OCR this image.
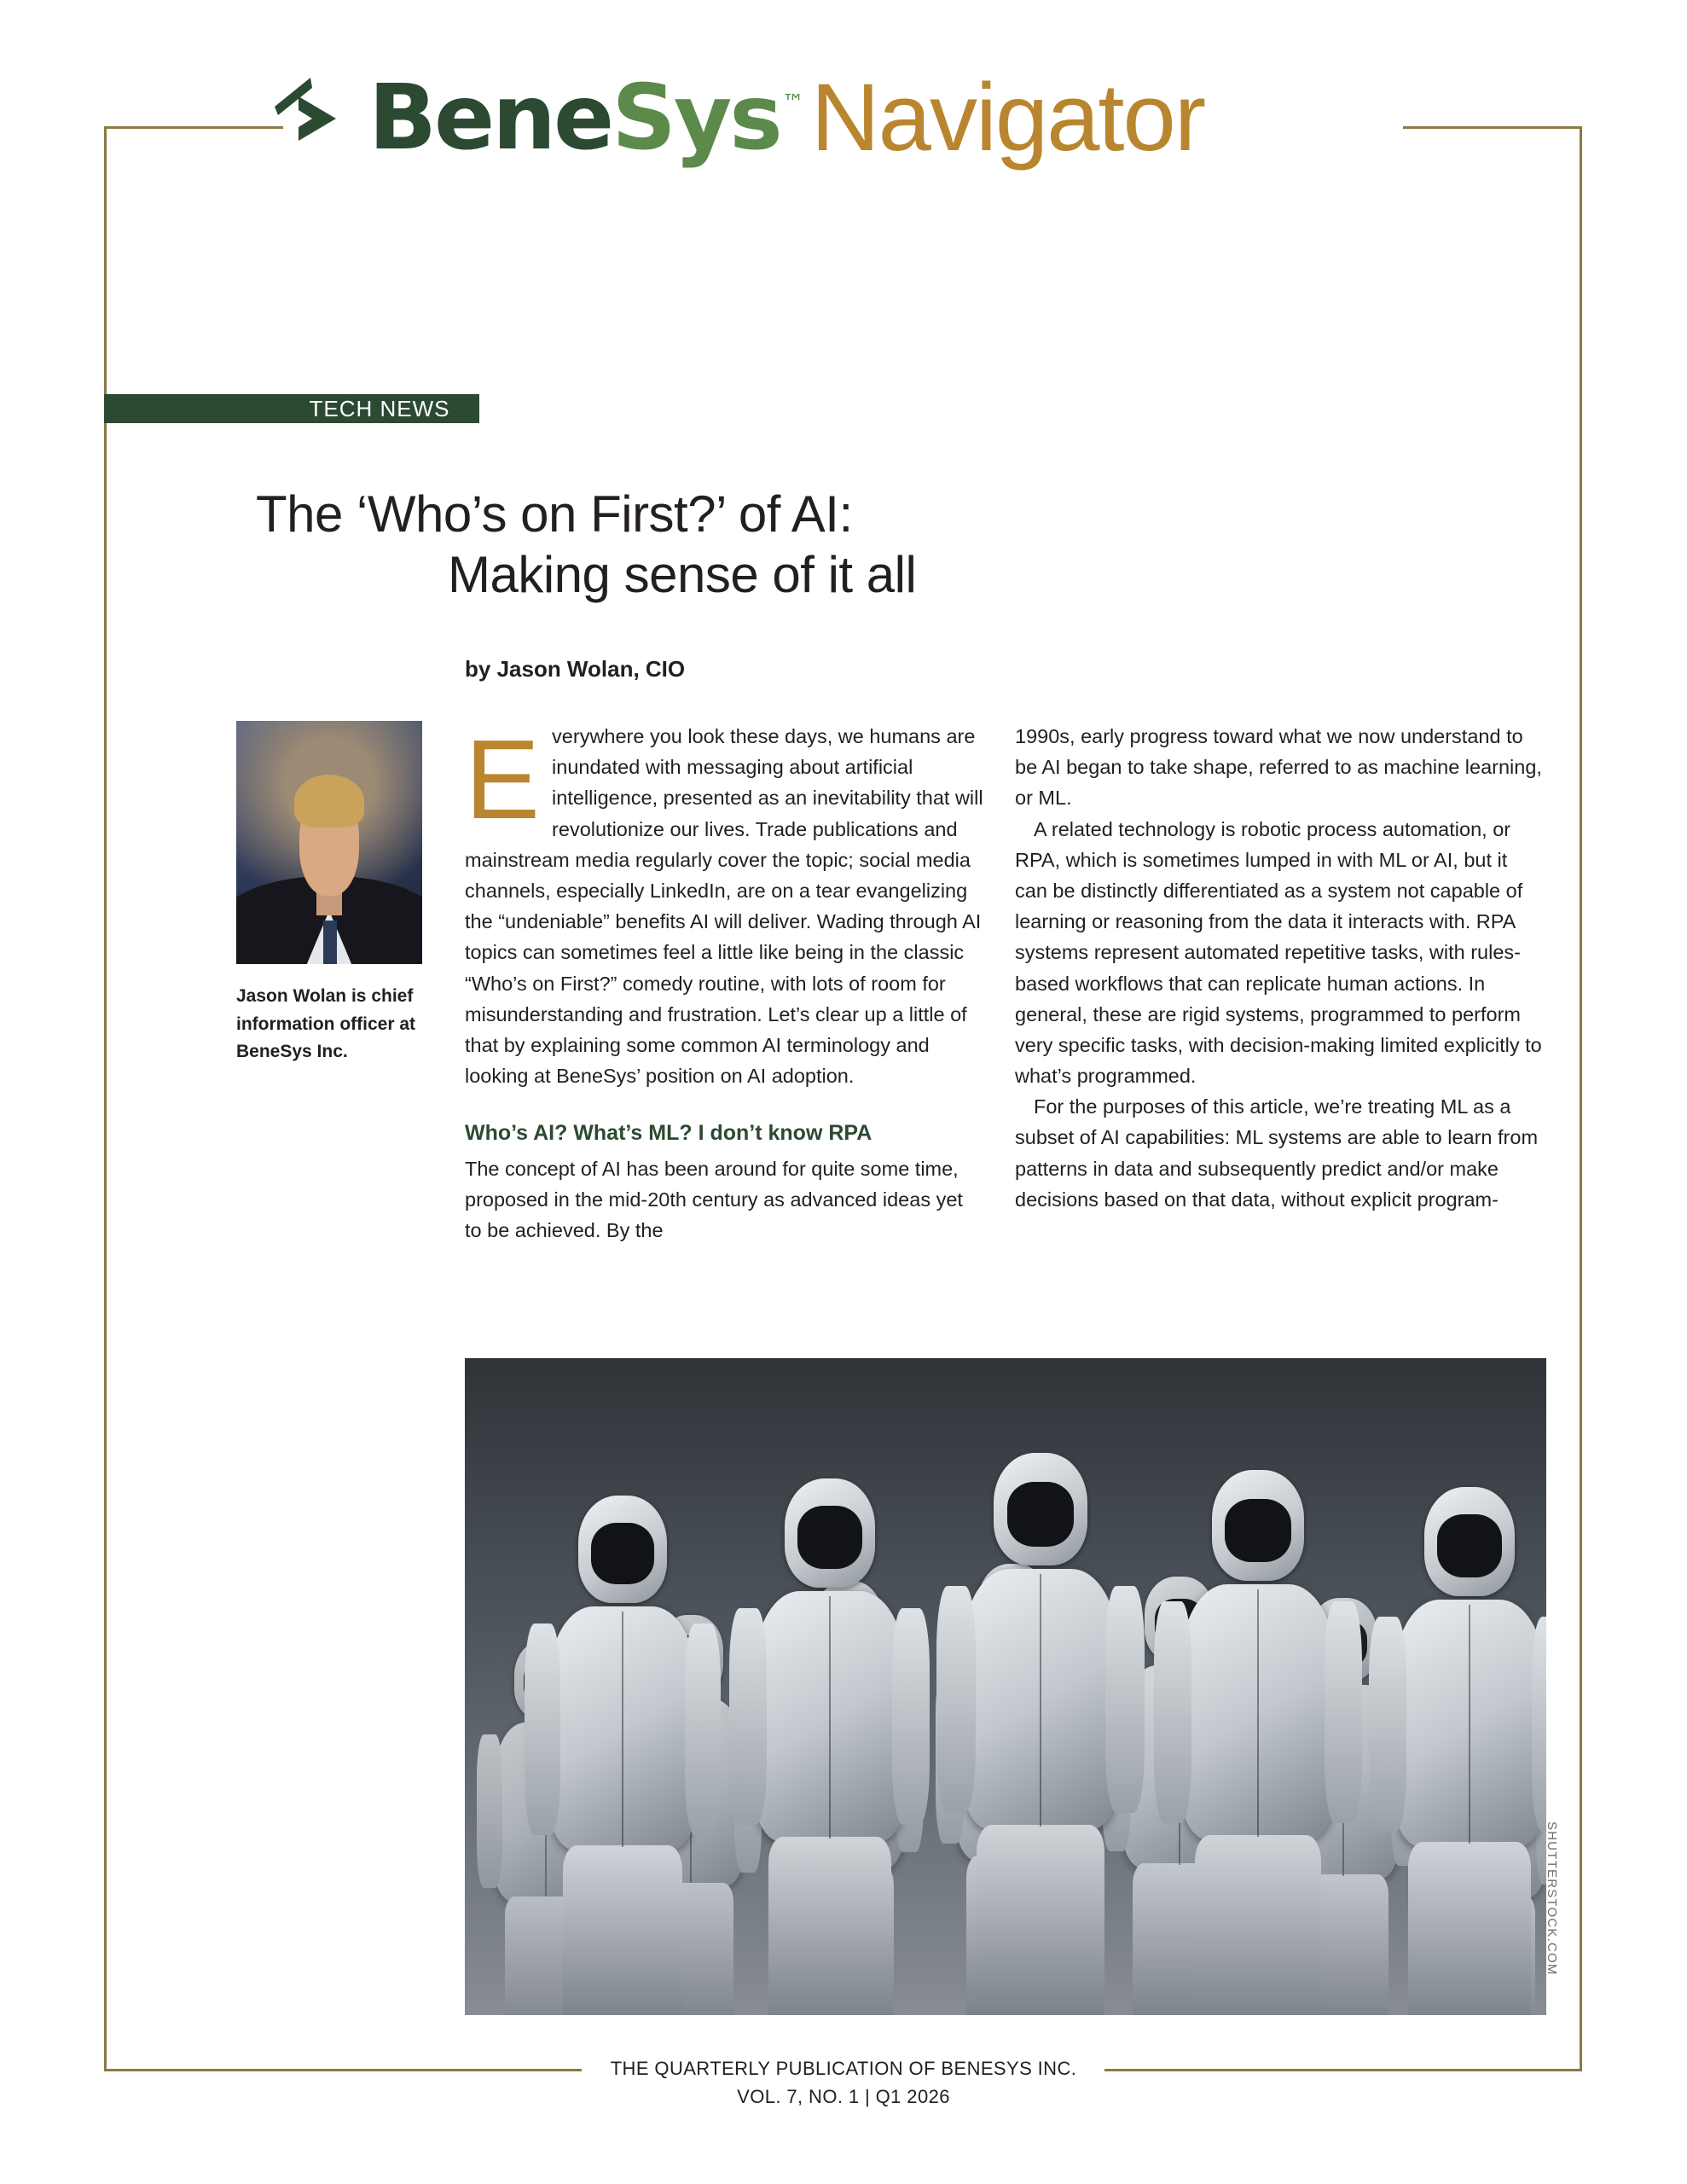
BeneSys™ Navigator
TECH NEWS
The ‘Who’s on First?’ of AI:
Making sense of it all
by Jason Wolan, CIO
Jason Wolan is chief information officer at BeneSys Inc.

Everywhere you look these days, we humans are inundated with messaging about artificial intelligence, presented as an inevitability that will revolutionize our lives. Trade publications and mainstream media regularly cover the topic; social media channels, especially LinkedIn, are on a tear evangelizing the “undeniable” benefits AI will deliver. Wading through AI topics can sometimes feel a little like being in the classic “Who’s on First?” comedy routine, with lots of room for misunderstanding and frustration. Let’s clear up a little of that by explaining some common AI terminology and looking at BeneSys’ position on AI adoption.

Who’s AI? What’s ML? I don’t know RPA

The concept of AI has been around for quite some time, proposed in the mid-20th century as advanced ideas yet to be achieved. By the

1990s, early progress toward what we now understand to be AI began to take shape, referred to as machine learning, or ML.

A related technology is robotic process automation, or RPA, which is sometimes lumped in with ML or AI, but it can be distinctly differentiated as a system not capable of learning or reasoning from the data it interacts with. RPA systems represent automated repetitive tasks, with rules-based workflows that can replicate human actions. In general, these are rigid systems, programmed to perform very specific tasks, with decision-making limited explicitly to what’s programmed.

For the purposes of this article, we’re treating ML as a subset of AI capabilities: ML systems are able to learn from patterns in data and subsequently predict and/or make decisions based on that data, without explicit program-

SHUTTERSTOCK.COM
THE QUARTERLY PUBLICATION OF BENESYS INC.
VOL. 7, NO. 1 | Q1 2026
